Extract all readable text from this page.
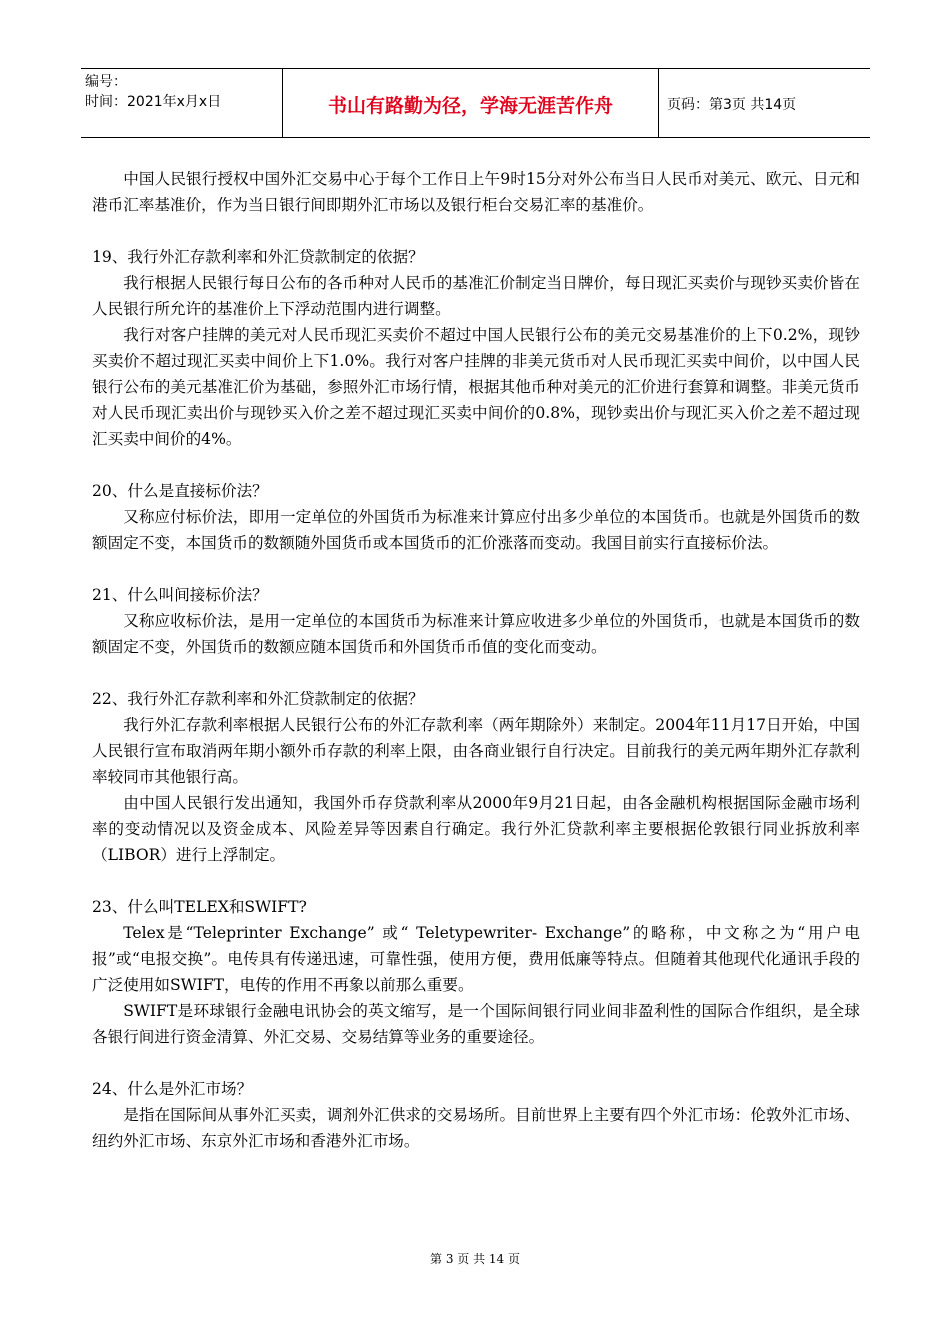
编号：
时间：2021年x月x日	书山有路勤为径，学海无涯苦作舟	页码：第3页 共14页

中国人民银行授权中国外汇交易中心于每个工作日上午9时15分对外公布当日人民币对美元、欧元、日元和港币汇率基准价，作为当日银行间即期外汇市场以及银行柜台交易汇率的基准价。

19、我行外汇存款利率和外汇贷款制定的依据？

我行根据人民银行每日公布的各币种对人民币的基准汇价制定当日牌价，每日现汇买卖价与现钞买卖价皆在人民银行所允许的基准价上下浮动范围内进行调整。

我行对客户挂牌的美元对人民币现汇买卖价不超过中国人民银行公布的美元交易基准价的上下0.2%，现钞买卖价不超过现汇买卖中间价上下1.0%。我行对客户挂牌的非美元货币对人民币现汇买卖中间价，以中国人民银行公布的美元基准汇价为基础，参照外汇市场行情，根据其他币种对美元的汇价进行套算和调整。非美元货币对人民币现汇卖出价与现钞买入价之差不超过现汇买卖中间价的0.8%，现钞卖出价与现汇买入价之差不超过现汇买卖中间价的4%。

20、什么是直接标价法？

又称应付标价法，即用一定单位的外国货币为标准来计算应付出多少单位的本国货币。也就是外国货币的数额固定不变，本国货币的数额随外国货币或本国货币的汇价涨落而变动。我国目前实行直接标价法。

21、什么叫间接标价法？

又称应收标价法，是用一定单位的本国货币为标准来计算应收进多少单位的外国货币，也就是本国货币的数额固定不变，外国货币的数额应随本国货币和外国货币币值的变化而变动。

22、我行外汇存款利率和外汇贷款制定的依据？

我行外汇存款利率根据人民银行公布的外汇存款利率（两年期除外）来制定。2004年11月17日开始，中国人民银行宣布取消两年期小额外币存款的利率上限，由各商业银行自行决定。目前我行的美元两年期外汇存款利率较同市其他银行高。

由中国人民银行发出通知，我国外币存贷款利率从2000年9月21日起，由各金融机构根据国际金融市场利率的变动情况以及资金成本、风险差异等因素自行确定。我行外汇贷款利率主要根据伦敦银行同业拆放利率（LIBOR）进行上浮制定。

23、什么叫TELEX和SWIFT?

Telex是“Teleprinter Exchange” 或“ Teletypewriter- Exchange”的略称，中文称之为“用户电报”或“电报交换”。电传具有传递迅速，可靠性强，使用方便，费用低廉等特点。但随着其他现代化通讯手段的广泛使用如SWIFT，电传的作用不再象以前那么重要。

SWIFT是环球银行金融电讯协会的英文缩写，是一个国际间银行同业间非盈利性的国际合作组织，是全球各银行间进行资金清算、外汇交易、交易结算等业务的重要途径。

24、什么是外汇市场？

是指在国际间从事外汇买卖，调剂外汇供求的交易场所。目前世界上主要有四个外汇市场：伦敦外汇市场、纽约外汇市场、东京外汇市场和香港外汇市场。

第 3 页 共 14 页
